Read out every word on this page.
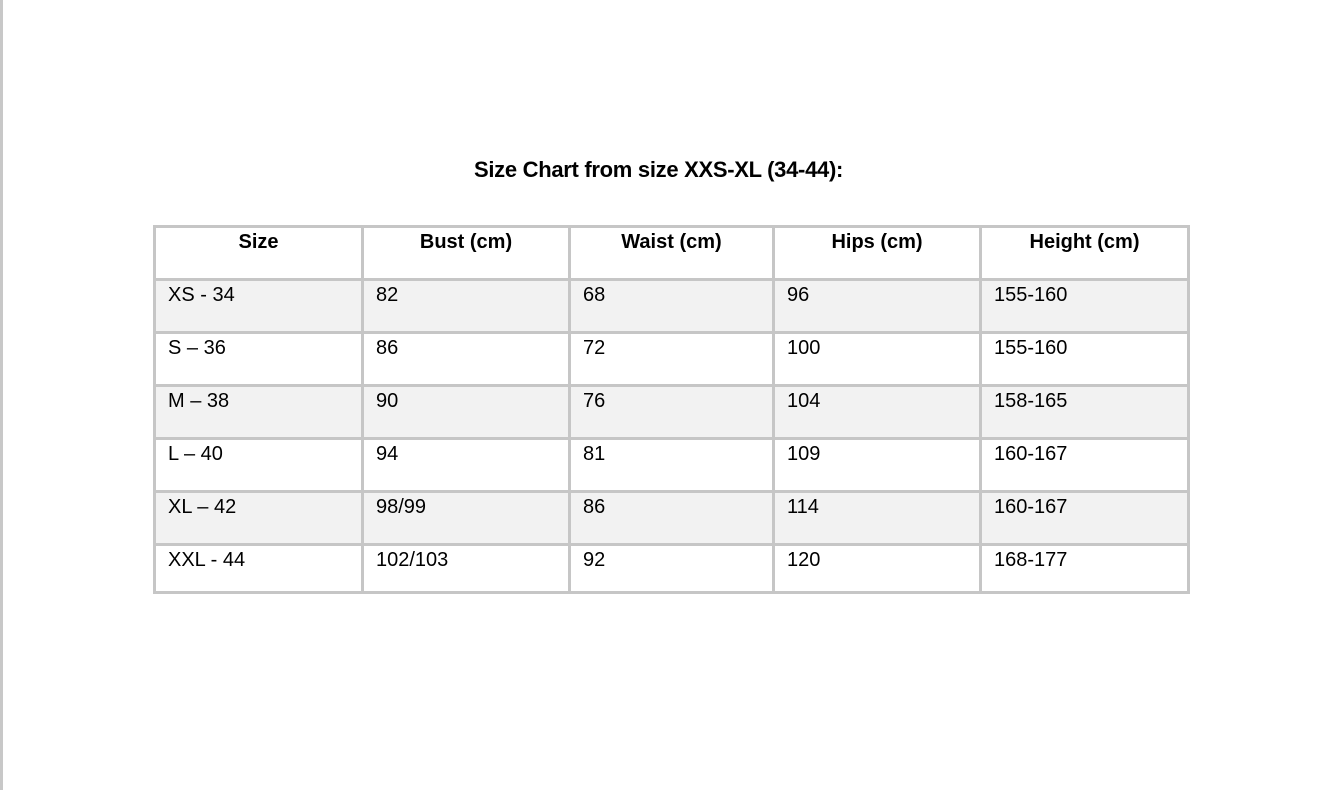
Size Chart from size XXS-XL (34-44):
Size	Bust (cm)	Waist (cm)	Hips (cm)	Height (cm)
XS - 34	82	68	96	155-160
S – 36	86	72	100	155-160
M – 38	90	76	104	158-165
L – 40	94	81	109	160-167
XL – 42	98/99	86	114	160-167
XXL - 44	102/103	92	120	168-177
